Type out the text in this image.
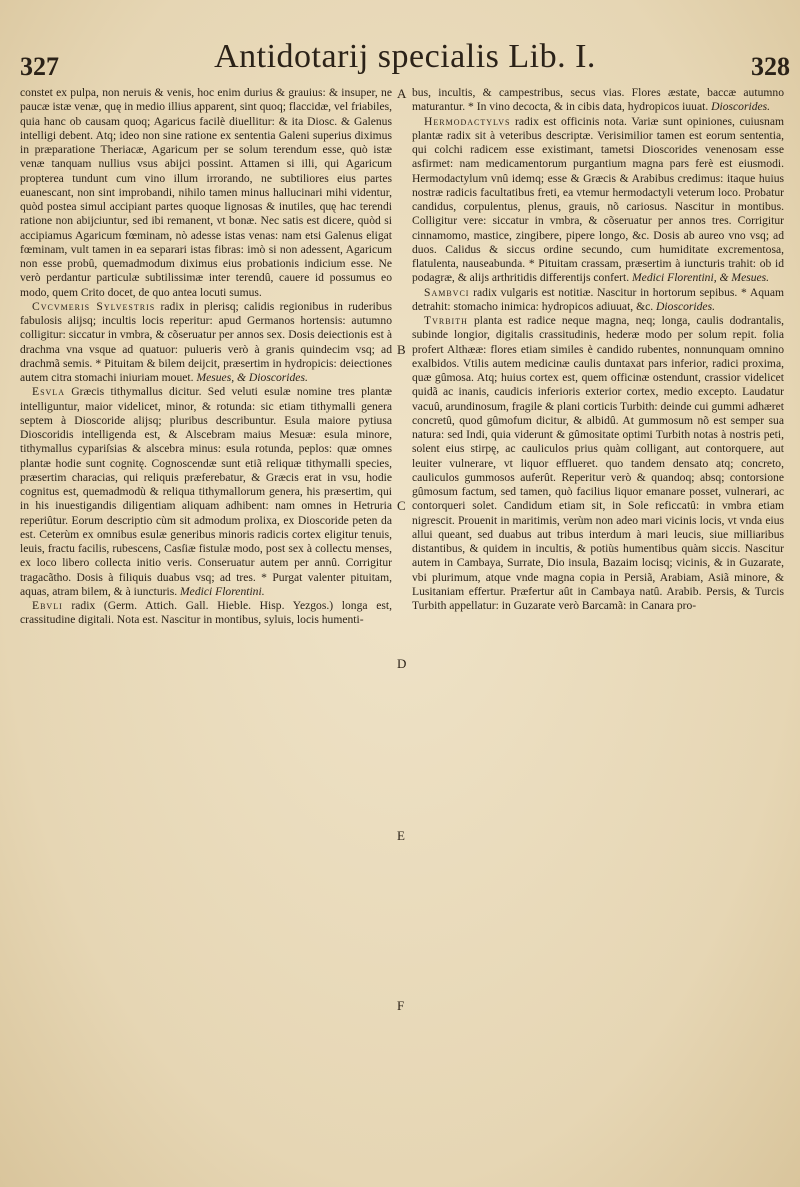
327	Antidotarij specialis Lib. I.	328

constet ex pulpa, non neruis & venis, hoc enim durius & grauius: & insuper, ne paucæ istæ venæ, quę in medio illius apparent, sint quoq; flaccidæ, vel friabiles, quia hanc ob causam quoq; Agaricus facilè diuellitur: & ita Diosc. & Galenus intelligi debent. Atq; ideo non sine ratione ex sententia Galeni superius diximus in præparatione Theriacæ, Agaricum per se solum terendum esse, quò istæ venæ tanquam nullius vsus abijci possint. Attamen si illi, qui Agaricum propterea tundunt cum vino illum irrorando, ne subtiliores eius partes euanescant, non sint improbandi, nihilo tamen minus hallucinari mihi videntur, quòd postea simul accipiant partes quoque lignosas & inutiles, quę hac terendi ratione non abijciuntur, sed ibi remanent, vt bonæ. Nec satis est dicere, quòd si accipiamus Agaricum fœminam, nò adesse istas venas: nam etsi Galenus eligat fœminam, vult tamen in ea separari istas fibras: imò si non adessent, Agaricum non esse probû, quemadmodum diximus eius probationis indicium esse. Ne verò perdantur particulæ subtilissimæ inter terendû, cauere id possumus eo modo, quem Crito docet, de quo antea locuti sumus.

Cvcvmeris Sylvestris radix in plerisq; calidis regionibus in ruderibus fabulosis alijsq; incultis locis reperitur: apud Germanos hortensis: autumno colligitur: siccatur in vmbra, & cõseruatur per annos sex. Dosis deiectionis est à drachma vna vsque ad quatuor: pulueris verò à granis quindecim vsq; ad drachmã semis. * Pituitam & bilem deijcit, præsertim in hydropicis: deiectiones autem citra stomachi iniuriam mouet. Mesues, & Dioscorides.

Esvla Græcis tithymallus dicitur. Sed veluti esulæ nomine tres plantæ intelliguntur, maior videlicet, minor, & rotunda: sic etiam tithymalli genera septem à Dioscoride alijsq; pluribus describuntur. Esula maiore pytiusa Dioscoridis intelligenda est, & Alscebram maius Mesuæ: esula minore, tithymallus cypariſsias & alscebra minus: esula rotunda, peplos: quæ omnes plantæ hodie sunt cognitę. Cognoscendæ sunt etiã reliquæ tithymalli species, præsertim characias, qui reliquis præferebatur, & Græcis erat in vsu, hodie cognitus est, quemadmodù & reliqua tithymallorum genera, his præsertim, qui in his inuestigandis diligentiam aliquam adhibent: nam omnes in Hetruria reperiûtur. Eorum descriptio cùm sit admodum prolixa, ex Dioscoride peten da est. Ceterùm ex omnibus esulæ generibus minoris radicis cortex eligitur tenuis, leuis, fractu facilis, rubescens, Casſiæ fistulæ modo, post sex à collectu menses, ex loco libero collecta initio veris. Conseruatur autem per annû. Corrigitur tragacãtho. Dosis à filiquis duabus vsq; ad tres. * Purgat valenter pituitam, aquas, atram bilem, & à iuncturis. Medici Florentini.

Ebvli radix (Germ. Attich. Gall. Hieble. Hisp. Yezgos.) longa est, crassitudine digitali. Nota est. Nascitur in montibus, syluis, locis humenti-

A
B
C
D
E
F

bus, incultis, & campestribus, secus vias. Flores æstate, baccæ autumno maturantur. * In vino decocta, & in cibis data, hydropicos iuuat. Dioscorides.

Hermodactylvs radix est officinis nota. Variæ sunt opiniones, cuiusnam plantæ radix sit à veteribus descriptæ. Verisimilior tamen est eorum sententia, qui colchi radicem esse existimant, tametsi Dioscorides venenosam esse asfirmet: nam medicamentorum purgantium magna pars ferè est eiusmodi. Hermodactylum vnû idemq; esse & Græcis & Arabibus credimus: itaque huius nostræ radicis facultatibus freti, ea vtemur hermodactyli veterum loco. Probatur candidus, corpulentus, plenus, grauis, nõ cariosus. Nascitur in montibus. Colligitur vere: siccatur in vmbra, & cõseruatur per annos tres. Corrigitur cinnamomo, mastice, zingibere, pipere longo, &c. Dosis ab aureo vno vsq; ad duos. Calidus & siccus ordine secundo, cum humiditate excrementosa, flatulenta, nauseabunda. * Pituitam crassam, præsertim à iuncturis trahit: ob id podagræ, & alijs arthritidis differentijs confert. Medici Florentini, & Mesues.

Sambvci radix vulgaris est notitiæ. Nascitur in hortorum sepibus. * Aquam detrahit: stomacho inimica: hydropicos adiuuat, &c. Dioscorides.

Tvrbith planta est radice neque magna, neq; longa, caulis dodrantalis, subinde longior, digitalis crassitudinis, hederæ modo per solum repit. folia profert Althææ: flores etiam similes è candido rubentes, nonnunquam omnino exalbidos. Vtilis autem medicinæ caulis duntaxat pars inferior, radici proxima, quæ gûmosa. Atq; huius cortex est, quem officinæ ostendunt, crassior videlicet quidã ac inanis, caudicis inferioris exterior cortex, medio excepto. Laudatur vacuû, arundinosum, fragile & plani corticis Turbith: deinde cui gummi adhæret concretû, quod gûmofum dicitur, & albidû. At gummosum nõ est semper sua natura: sed Indi, quia viderunt & gûmositate optimi Turbith notas à nostris peti, solent eius stirpę, ac cauliculos prius quàm colligant, aut contorquere, aut leuiter vulnerare, vt liquor efflueret. quo tandem densato atq; concreto, cauliculos gummosos auferût. Reperitur verò & quandoq; absq; contorsione gûmosum factum, sed tamen, quò facilius liquor emanare posset, vulnerari, ac contorqueri solet. Candidum etiam sit, in Sole reficcatû: in vmbra etiam nigrescit. Prouenit in maritimis, verùm non adeo mari vicinis locis, vt vnda eius allui queant, sed duabus aut tribus interdum à mari leucis, siue milliaribus distantibus, & quidem in incultis, & potiùs humentibus quàm siccis. Nascitur autem in Cambaya, Surrate, Dio insula, Bazaim locisq; vicinis, & in Guzarate, vbi plurimum, atque vnde magna copia in Persiã, Arabiam, Asiã minore, & Lusitaniam effertur. Præfertur aût in Cambaya natû. Arabib. Persis, & Turcis Turbith appellatur: in Guzarate verò Barcamã: in Canara pro-
